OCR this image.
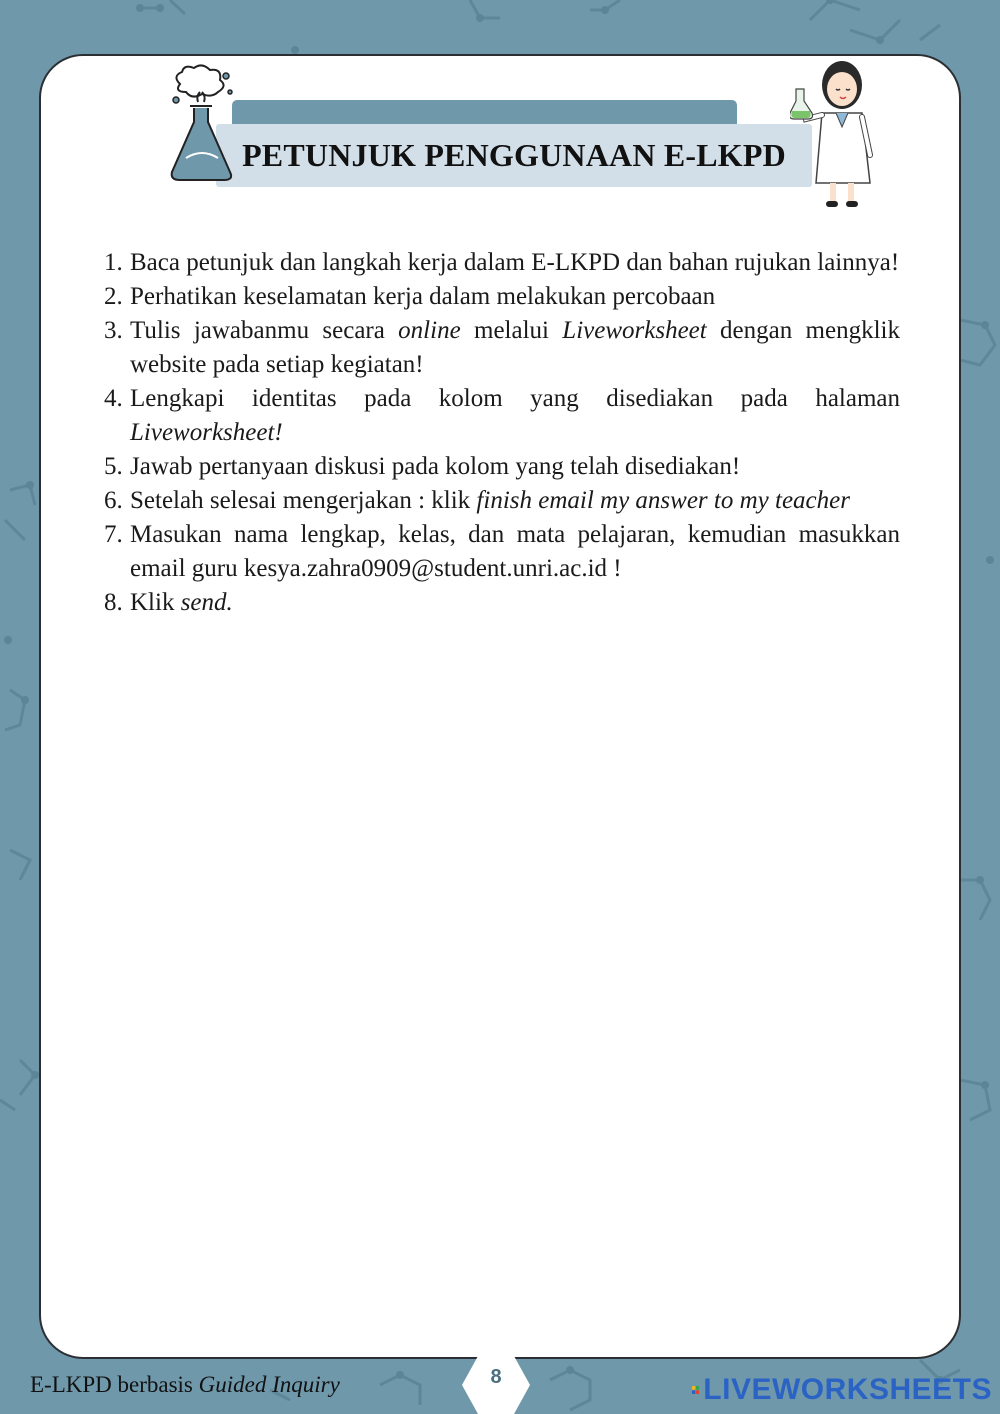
PETUNJUK PENGGUNAAN E-LKPD
1. Baca petunjuk dan langkah kerja dalam E-LKPD dan bahan rujukan lainnya!
2. Perhatikan keselamatan kerja dalam melakukan percobaan
3. Tulis jawabanmu secara online melalui Liveworksheet dengan mengklik website pada setiap kegiatan!
4. Lengkapi identitas pada kolom yang disediakan pada halaman Liveworksheet!
5. Jawab pertanyaan diskusi pada kolom yang telah disediakan!
6. Setelah selesai mengerjakan : klik finish email my answer to my teacher
7. Masukan nama lengkap, kelas, dan mata pelajaran, kemudian masukkan email guru kesya.zahra0909@student.unri.ac.id !
8. Klik send.
E-LKPD berbasis Guided Inquiry	8	LIVEWORKSHEETS
